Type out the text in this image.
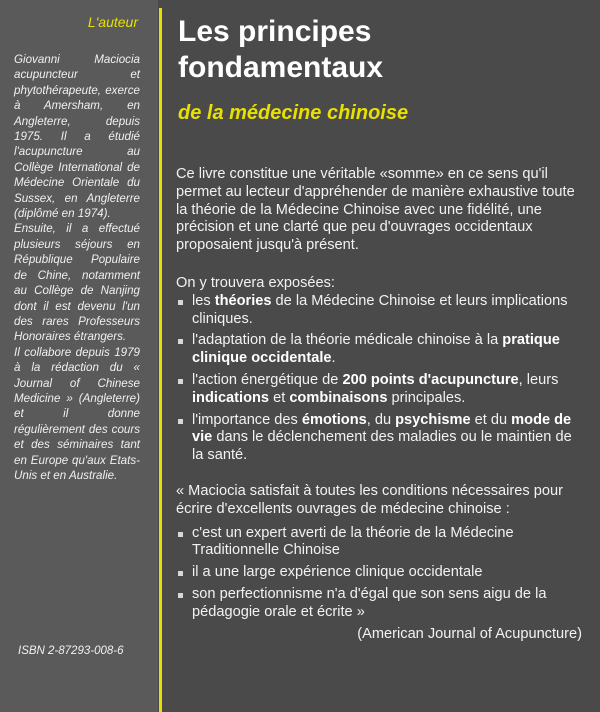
L'auteur

Giovanni Maciocia acupuncteur et phytothérapeute, exerce à Amersham, en Angleterre, depuis 1975. Il a étudié l'acupuncture au Collège International de Médecine Orientale du Sussex, en Angleterre (diplômé en 1974).

Ensuite, il a effectué plusieurs séjours en République Populaire de Chine, notamment au Collège de Nanjing dont il est devenu l'un des rares Professeurs Honoraires étrangers.

Il collabore depuis 1979 à la rédaction du « Journal of Chinese Medicine » (Angleterre) et il donne régulièrement des cours et des séminaires tant en Europe qu'aux Etats-Unis et en Australie.

ISBN 2-87293-008-6
Les principes
fondamentaux
de la médecine chinoise

Ce livre constitue une véritable «somme» en ce sens qu'il permet au lecteur d'appréhender de manière exhaustive toute la théorie de la Médecine Chinoise avec une fidélité, une précision et une clarté que peu d'ouvrages occidentaux proposaient jusqu'à présent.

On y trouvera exposées:

les théories de la Médecine Chinoise et leurs implications cliniques.
l'adaptation de la théorie médicale chinoise à la pratique clinique occidentale.
l'action énergétique de 200 points d'acupuncture, leurs indications et combinaisons principales.
l'importance des émotions, du psychisme et du mode de vie dans le déclenchement des maladies ou le maintien de la santé.

« Maciocia satisfait à toutes les conditions nécessaires pour écrire d'excellents ouvrages de médecine chinoise :

c'est un expert averti de la théorie de la Médecine Traditionnelle Chinoise
il a une large expérience clinique occidentale
son perfectionnisme n'a d'égal que son sens aigu de la pédagogie orale et écrite »

(American Journal of Acupuncture)
